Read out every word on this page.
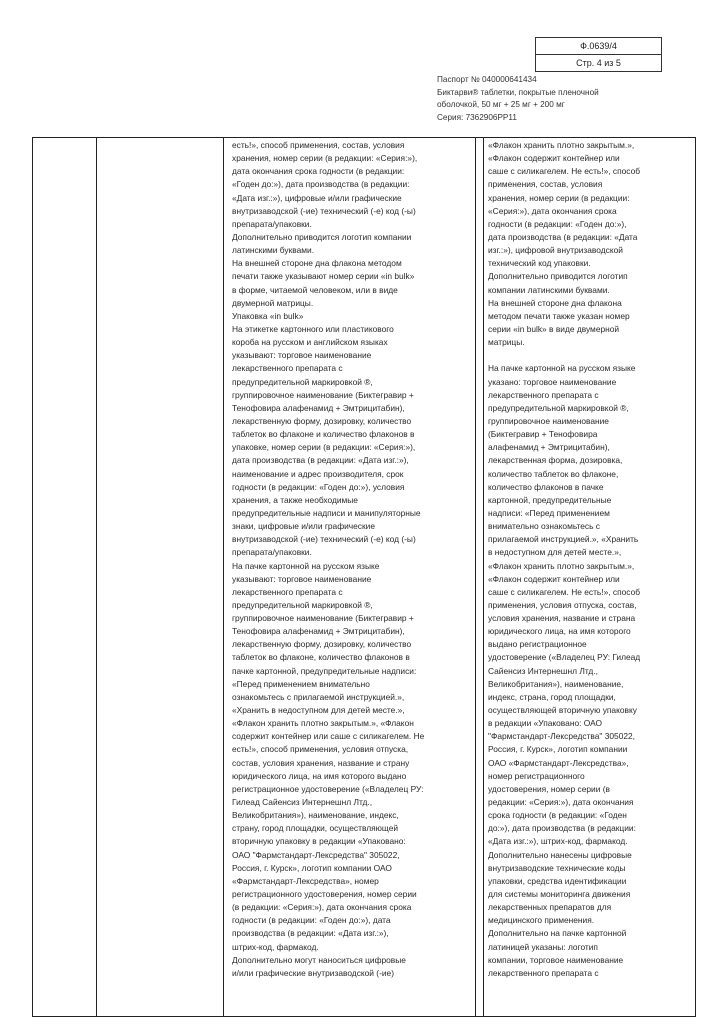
Ф.0639/4
Стр. 4 из 5
Паспорт № 040000641434
Биктарви® таблетки, покрытые пленочной
оболочкой, 50 мг + 25 мг + 200 мг
Серия: 7362906РР11
есть!», способ применения, состав, условия
хранения, номер серии (в редакции: «Серия:»),
дата окончания срока годности (в редакции:
«Годен до:»), дата производства (в редакции:
«Дата изг.:»), цифровые и/или графические
внутризаводской (-ие) технический (-е) код (-ы)
препарата/упаковки.
Дополнительно приводится логотип компании
латинскими буквами.
На внешней стороне дна флакона методом
печати также указывают номер серии «in bulk»
в форме, читаемой человеком, или в виде
двумерной матрицы.
Упаковка «in bulk»
На этикетке картонного или пластикового
короба на русском и английском языках
указывают: торговое наименование
лекарственного препарата с
предупредительной маркировкой ®,
группировочное наименование (Биктегравир +
Тенофовира алафенамид + Эмтрицитабин),
лекарственную форму, дозировку, количество
таблеток во флаконе и количество флаконов в
упаковке, номер серии (в редакции: «Серия:»),
дата производства (в редакции: «Дата изг.:»),
наименование и адрес производителя, срок
годности (в редакции: «Годен до:»), условия
хранения, а также необходимые
предупредительные надписи и манипуляторные
знаки, цифровые и/или графические
внутризаводской (-ие) технический (-е) код (-ы)
препарата/упаковки.
На пачке картонной на русском языке
указывают: торговое наименование
лекарственного препарата с
предупредительной маркировкой ®,
группировочное наименование (Биктегравир +
Тенофовира алафенамид + Эмтрицитабин),
лекарственную форму, дозировку, количество
таблеток во флаконе, количество флаконов в
пачке картонной, предупредительные надписи:
«Перед применением внимательно
ознакомьтесь с прилагаемой инструкцией.»,
«Хранить в недоступном для детей месте.»,
«Флакон хранить плотно закрытым.», «Флакон
содержит контейнер или саше с силикагелем. Не
есть!», способ применения, условия отпуска,
состав, условия хранения, название и страну
юридического лица, на имя которого выдано
регистрационное удостоверение («Владелец РУ:
Гилеад Сайенсиз Интернешнл Лтд.,
Великобритания»), наименование, индекс,
страну, город площадки, осуществляющей
вторичную упаковку в редакции «Упаковано:
ОАО "Фармстандарт-Лексредства" 305022,
Россия, г. Курск», логотип компании ОАО
«Фармстандарт-Лексредства», номер
регистрационного удостоверения, номер серии
(в редакции: «Серия:»), дата окончания срока
годности (в редакции: «Годен до:»), дата
производства (в редакции: «Дата изг.:»),
штрих-код, фармакод.
Дополнительно могут наноситься цифровые
и/или графические внутризаводской (-ие)
«Флакон хранить плотно закрытым.»,
«Флакон содержит контейнер или
саше с силикагелем. Не есть!», способ
применения, состав, условия
хранения, номер серии (в редакции:
«Серия:»), дата окончания срока
годности (в редакции: «Годен до:»),
дата производства (в редакции: «Дата
изг.:»), цифровой внутризаводской
технический код упаковки.
Дополнительно приводится логотип
компании латинскими буквами.
На внешней стороне дна флакона
методом печати также указан номер
серии «in bulk» в виде двумерной
матрицы.
На пачке картонной на русском языке
указано: торговое наименование
лекарственного препарата с
предупредительной маркировкой ®,
группировочное наименование
(Биктегравир + Тенофовира
алафенамид + Эмтрицитабин),
лекарственная форма, дозировка,
количество таблеток во флаконе,
количество флаконов в пачке
картонной, предупредительные
надписи: «Перед применением
внимательно ознакомьтесь с
прилагаемой инструкцией.», «Хранить
в недоступном для детей месте.»,
«Флакон хранить плотно закрытым.»,
«Флакон содержит контейнер или
саше с силикагелем. Не есть!», способ
применения, условия отпуска, состав,
условия хранения, название и страна
юридического лица, на имя которого
выдано регистрационное
удостоверение («Владелец РУ: Гилеад
Сайенсиз Интернешнл Лтд.,
Великобритания»), наименование,
индекс, страна, город площадки,
осуществляющей вторичную упаковку
в редакции «Упаковано: ОАО
"Фармстандарт-Лексредства" 305022,
Россия, г. Курск», логотип компании
ОАО «Фармстандарт-Лексредства»,
номер регистрационного
удостоверения, номер серии (в
редакции: «Серия:»), дата окончания
срока годности (в редакции: «Годен
до:»), дата производства (в редакции:
«Дата изг.:»), штрих-код, фармакод.
Дополнительно нанесены цифровые
внутризаводские технические коды
упаковки, средства идентификации
для системы мониторинга движения
лекарственных препаратов для
медицинского применения.
Дополнительно на пачке картонной
латиницей указаны: логотип
компании, торговое наименование
лекарственного препарата с
